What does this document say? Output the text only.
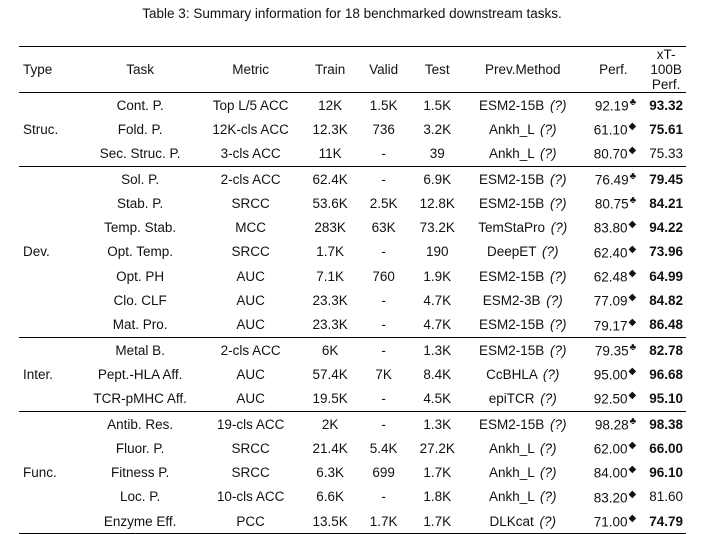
Table 3: Summary information for 18 benchmarked downstream tasks.
Type	Task	Metric	Train	Valid	Test	Prev.Method	Perf.	xT-100B Perf.
	Cont. P.	Top L/5 ACC	12K	1.5K	1.5K	ESM2-15B (?)	92.19♣	93.32
Struc.	Fold. P.	12K-cls ACC	12.3K	736	3.2K	Ankh_L (?)	61.10◆	75.61
	Sec. Struc. P.	3-cls ACC	11K	-	39	Ankh_L (?)	80.70◆	75.33
	Sol. P.	2-cls ACC	62.4K	-	6.9K	ESM2-15B (?)	76.49♣	79.45
	Stab. P.	SRCC	53.6K	2.5K	12.8K	ESM2-15B (?)	80.75♣	84.21
	Temp. Stab.	MCC	283K	63K	73.2K	TemStaPro (?)	83.80◆	94.22
Dev.	Opt. Temp.	SRCC	1.7K	-	190	DeepET (?)	62.40◆	73.96
	Opt. PH	AUC	7.1K	760	1.9K	ESM2-15B (?)	62.48◆	64.99
	Clo. CLF	AUC	23.3K	-	4.7K	ESM2-3B (?)	77.09◆	84.82
	Mat. Pro.	AUC	23.3K	-	4.7K	ESM2-15B (?)	79.17◆	86.48
	Metal B.	2-cls ACC	6K	-	1.3K	ESM2-15B (?)	79.35♣	82.78
Inter.	Pept.-HLA Aff.	AUC	57.4K	7K	8.4K	CcBHLA (?)	95.00◆	96.68
	TCR-pMHC Aff.	AUC	19.5K	-	4.5K	epiTCR (?)	92.50◆	95.10
	Antib. Res.	19-cls ACC	2K	-	1.3K	ESM2-15B (?)	98.28♣	98.38
	Fluor. P.	SRCC	21.4K	5.4K	27.2K	Ankh_L (?)	62.00◆	66.00
Func.	Fitness P.	SRCC	6.3K	699	1.7K	Ankh_L (?)	84.00◆	96.10
	Loc. P.	10-cls ACC	6.6K	-	1.8K	Ankh_L (?)	83.20◆	81.60
	Enzyme Eff.	PCC	13.5K	1.7K	1.7K	DLKcat (?)	71.00◆	74.79
